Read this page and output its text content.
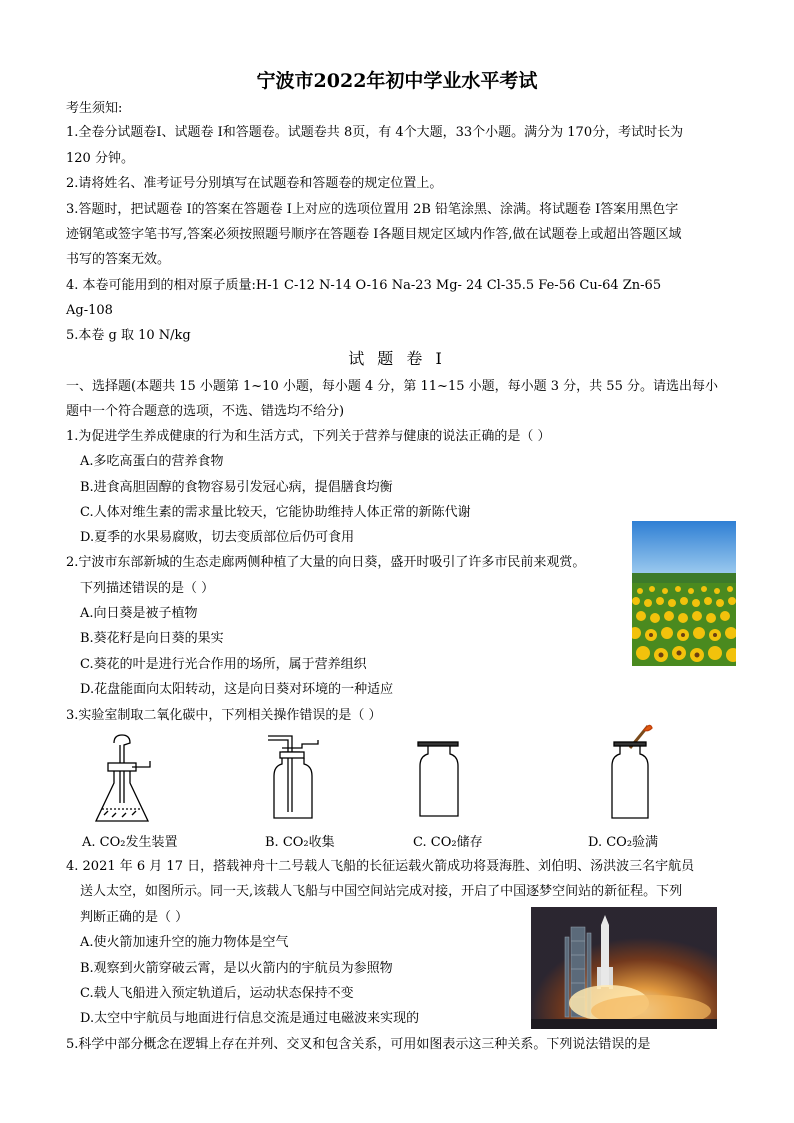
宁波市2022年初中学业水平考试
考生须知:
1.全卷分试题卷I、试题卷 I和答题卷。试题卷共 8页，有 4个大题，33个小题。满分为 170分，考试时长为
120 分钟。
2.请将姓名、准考证号分别填写在试题卷和答题卷的规定位置上。
3.答题时，把试题卷 I的答案在答题卷 I上对应的选项位置用 2B 铅笔涂黑、涂满。将试题卷 I答案用黑色字
迹钢笔或签字笔书写,答案必须按照题号顺序在答题卷 I各题目规定区域内作答,做在试题卷上或超出答题区域
书写的答案无效。
4. 本卷可能用到的相对原子质量:H-1 C-12 N-14 O-16 Na-23 Mg- 24 Cl-35.5 Fe-56 Cu-64 Zn-65
Ag-108
5.本卷 g 取 10 N/kg
试 题 卷 I
一、选择题(本题共 15 小题第 1~10 小题，每小题 4 分，第 11~15 小题，每小题 3 分，共 55 分。请选出每小
题中一个符合题意的选项，不选、错选均不给分)
1.为促进学生养成健康的行为和生活方式，下列关于营养与健康的说法正确的是（ ）
A.多吃高蛋白的营养食物
B.进食高胆固醇的食物容易引发冠心病，提倡膳食均衡
C.人体对维生素的需求量比较天，它能协助维持人体正常的新陈代谢
D.夏季的水果易腐败，切去变质部位后仍可食用
2.宁波市东部新城的生态走廊两侧种植了大量的向日葵，盛开时吸引了许多市民前来观赏。
下列描述错误的是（ ）
A.向日葵是被子植物
B.葵花籽是向日葵的果实
C.葵花的叶是进行光合作用的场所，属于营养组织
D.花盘能面向太阳转动，这是向日葵对环境的一种适应
3.实验室制取二氧化碳中，下列相关操作错误的是（ ）
A. CO₂发生装置	B. CO₂收集	C. CO₂储存	D. CO₂验满
4. 2021 年 6 月 17 日，搭载神舟十二号载人飞船的长征运载火箭成功将聂海胜、刘伯明、汤洪波三名宇航员
送人太空，如图所示。同一天,该载人飞船与中国空间站完成对接，开启了中国逐梦空间站的新征程。下列
判断正确的是（ ）
A.使火箭加速升空的施力物体是空气
B.观察到火箭穿破云霄，是以火箭内的宇航员为参照物
C.载人飞船进入预定轨道后，运动状态保持不变
D.太空中宇航员与地面进行信息交流是通过电磁波来实现的
5.科学中部分概念在逻辑上存在并列、交叉和包含关系，可用如图表示这三种关系。下列说法错误的是
